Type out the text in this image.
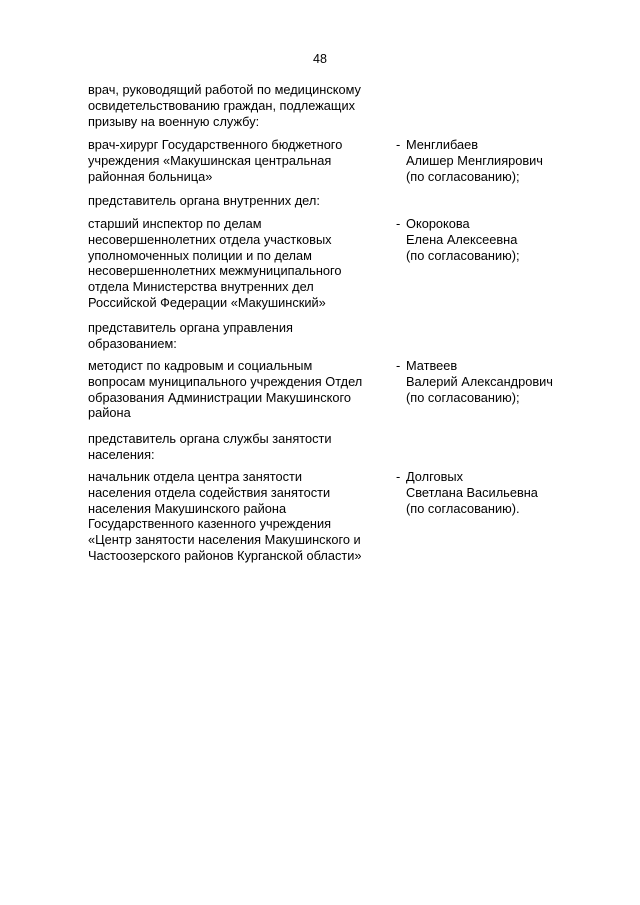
48
врач, руководящий работой по медицинскому
освидетельствованию граждан, подлежащих
призыву на военную службу:
врач-хирург Государственного бюджетного
учреждения «Макушинская центральная
районная больница»
- Менглибаев
Алишер Менглиярович
(по согласованию);
представитель органа внутренних дел:
старший инспектор по делам
несовершеннолетних отдела участковых
уполномоченных полиции и по делам
несовершеннолетних межмуниципального
отдела Министерства внутренних дел
Российской Федерации «Макушинский»
- Окорокова
Елена Алексеевна
(по согласованию);
представитель органа управления
образованием:
методист по кадровым и социальным
вопросам муниципального учреждения Отдел
образования Администрации Макушинского
района
- Матвеев
Валерий Александрович
(по согласованию);
представитель органа службы занятости
населения:
начальник отдела центра занятости
населения отдела содействия занятости
населения Макушинского района
Государственного казенного учреждения
«Центр занятости населения Макушинского и
Частоозерского районов Курганской области»
- Долговых
Светлана Васильевна
(по согласованию).
